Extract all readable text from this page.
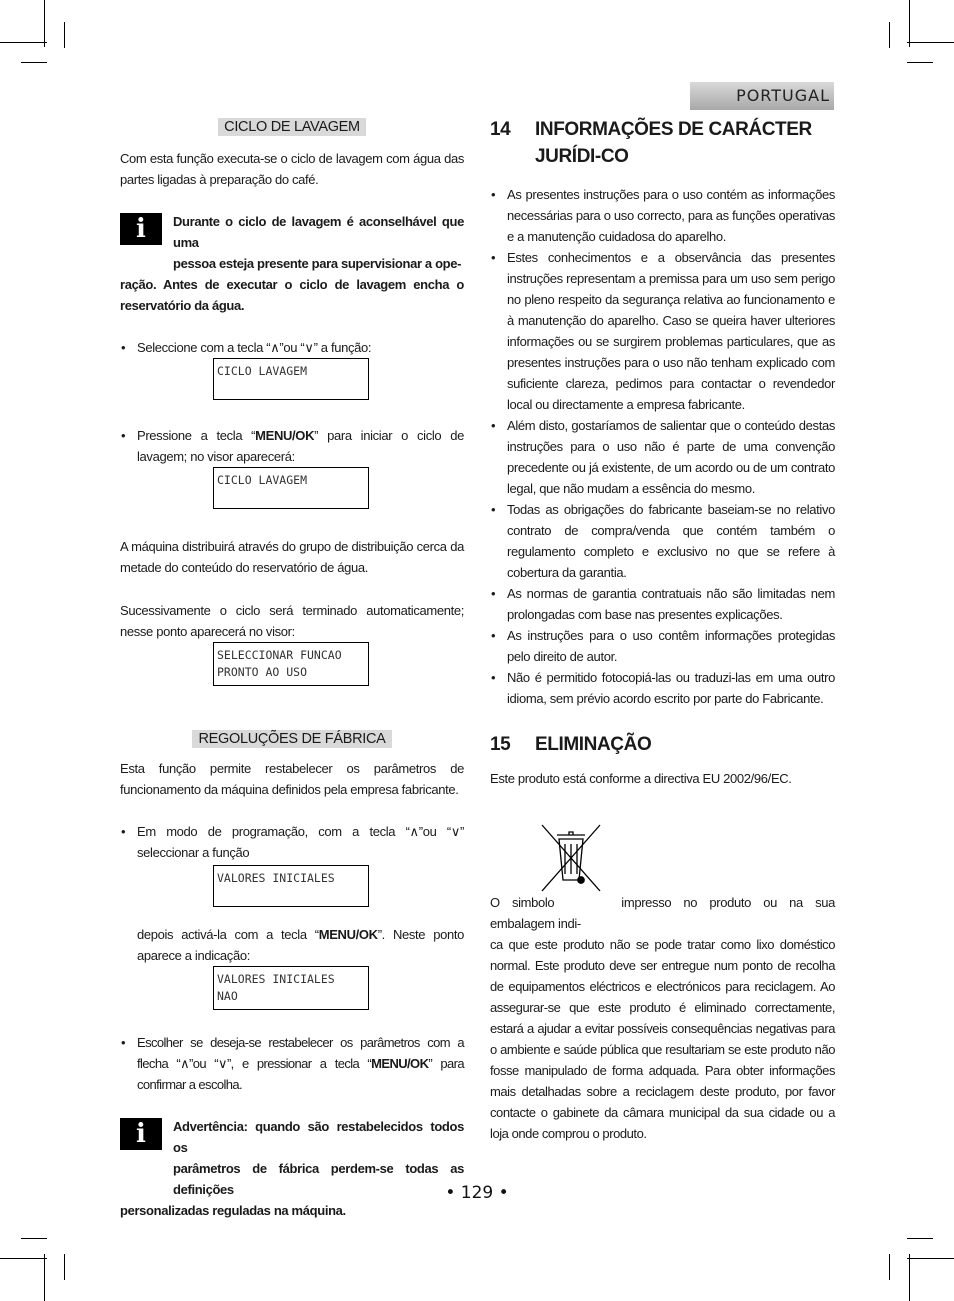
PORTUGAL
CICLO DE LAVAGEM

Com esta função executa-se o ciclo de lavagem com água das partes ligadas à preparação do café.

i	Durante o ciclo de lavagem é aconselhável que uma

pessoa esteja presente para supervisionar a ope-

ração. Antes de executar o ciclo de lavagem encha o reservatório da água.

• Seleccione com a tecla “∧”ou “∨” a função:
CICLO LAVAGEM
• Pressione a tecla “MENU/OK” para iniciar o ciclo de lavagem; no visor aparecerá:
CICLO LAVAGEM

A máquina distribuirá através do grupo de distribuição cerca da metade do conteúdo do reservatório de água.

Sucessivamente o ciclo será terminado automaticamente; nesse ponto aparecerá no visor:

SELECCIONAR FUNCAO
PRONTO AO USO
REGOLUÇÕES DE FÁBRICA

Esta função permite restabelecer os parâmetros de funcionamento da máquina definidos pela empresa fabricante.

• Em modo de programação, com a tecla “∧”ou “∨” seleccionar a função
VALORES INICIALES

depois activá-la com a tecla “MENU/OK”. Neste ponto aparece a indicação:

VALORES INICIALES
NAO
• Escolher se deseja-se restabelecer os parâmetros com a flecha “∧”ou “∨”, e pressionar a tecla “MENU/OK” para confirmar a escolha.
i	Advertência: quando são restabelecidos todos os

parâmetros de fábrica perdem-se todas as definições

personalizadas reguladas na máquina.

14	INFORMAÇÕES DE CARÁCTER JURÍDI-CO
• As presentes instruções para o uso contém as informações necessárias para o uso correcto, para as funções operativas e a manutenção cuidadosa do aparelho.
• Estes conhecimentos e a observância das presentes instruções representam a premissa para um uso sem perigo no pleno respeito da segurança relativa ao funcionamento e à manutenção do aparelho. Caso se queira haver ulteriores informações ou se surgirem problemas particulares, que as presentes instruções para o uso não tenham explicado com suficiente clareza, pedimos para contactar o revendedor local ou directamente a empresa fabricante.
• Além disto, gostaríamos de salientar que o conteúdo destas instruções para o uso não é parte de uma convenção precedente ou já existente, de um acordo ou de um contrato legal, que não mudam a essência do mesmo.
• Todas as obrigações do fabricante baseiam-se no relativo contrato de compra/venda que contém também o regulamento completo e exclusivo no que se refere à cobertura da garantia.
• As normas de garantia contratuais não são limitadas nem prolongadas com base nas presentes explicações.
• As instruções para o uso contêm informações protegidas pelo direito de autor.
• Não é permitido fotocopiá-las ou traduzi-las em uma outro idioma, sem prévio acordo escrito por parte do Fabricante.
15	ELIMINAÇÃO

Este produto está conforme a directiva EU 2002/96/EC.

O simbolo	impresso no produto ou na sua embalagem indi-

ca que este produto não se pode tratar como lixo doméstico normal. Este produto deve ser entregue num ponto de recolha de equipamentos eléctricos e electrónicos para reciclagem. Ao assegurar-se que este produto é eliminado correctamente, estará a ajudar a evitar possíveis consequências negativas para o ambiente e saúde pública que resultariam se este produto não fosse manipulado de forma adquada. Para obter informações mais detalhadas sobre a reciclagem deste produto, por favor contacte o gabinete da câmara municipal da sua cidade ou a loja onde comprou o produto.

• 129 •
